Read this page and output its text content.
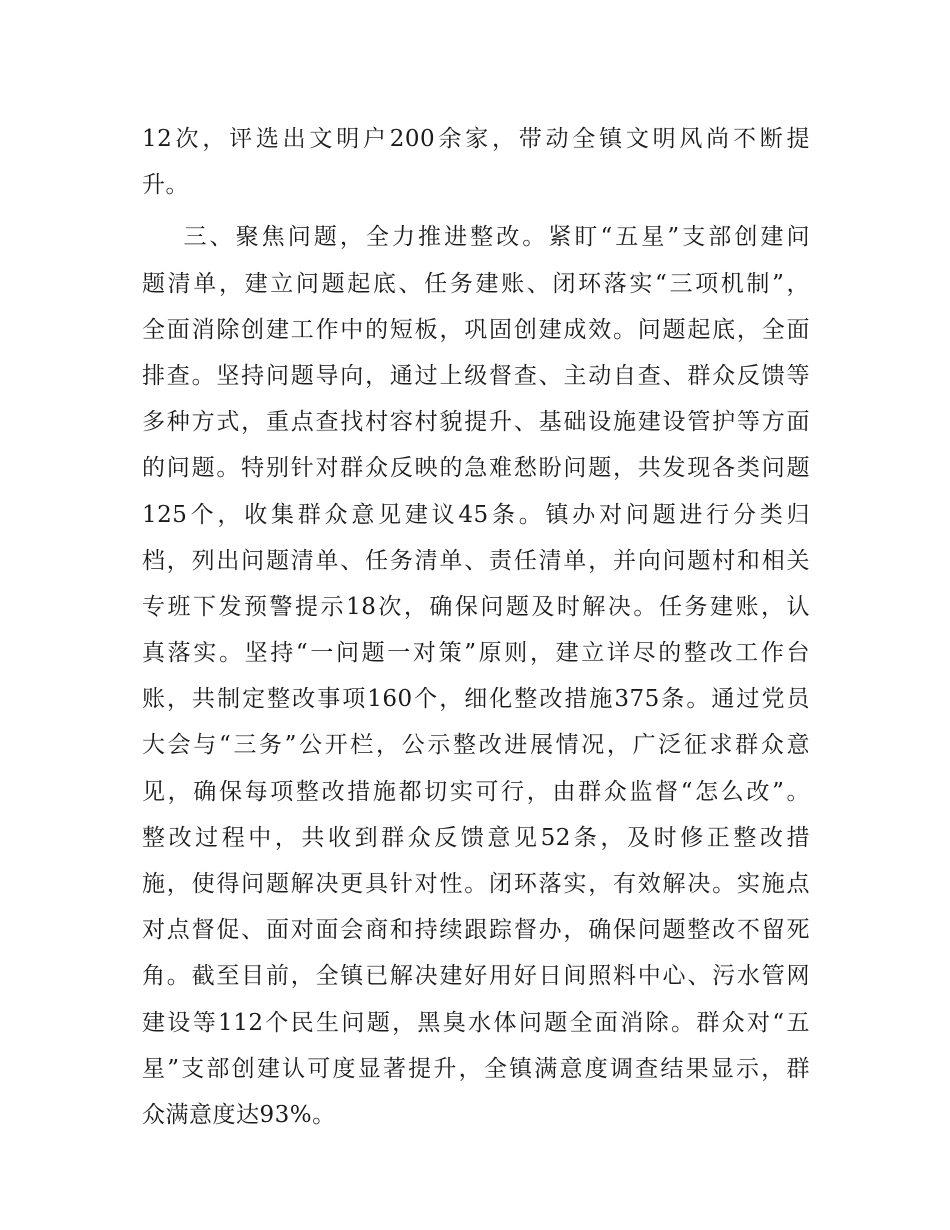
12次，评选出文明户200余家，带动全镇文明风尚不断提
升。
三、聚焦问题，全力推进整改。紧盯“五星”支部创建问
题清单，建立问题起底、任务建账、闭环落实“三项机制”，
全面消除创建工作中的短板，巩固创建成效。问题起底，全面
排查。坚持问题导向，通过上级督查、主动自查、群众反馈等
多种方式，重点查找村容村貌提升、基础设施建设管护等方面
的问题。特别针对群众反映的急难愁盼问题，共发现各类问题
125个，收集群众意见建议45条。镇办对问题进行分类归
档，列出问题清单、任务清单、责任清单，并向问题村和相关
专班下发预警提示18次，确保问题及时解决。任务建账，认
真落实。坚持“一问题一对策”原则，建立详尽的整改工作台
账，共制定整改事项160个，细化整改措施375条。通过党员
大会与“三务”公开栏，公示整改进展情况，广泛征求群众意
见，确保每项整改措施都切实可行，由群众监督“怎么改”。
整改过程中，共收到群众反馈意见52条，及时修正整改措
施，使得问题解决更具针对性。闭环落实，有效解决。实施点
对点督促、面对面会商和持续跟踪督办，确保问题整改不留死
角。截至目前，全镇已解决建好用好日间照料中心、污水管网
建设等112个民生问题，黑臭水体问题全面消除。群众对“五
星”支部创建认可度显著提升，全镇满意度调查结果显示，群
众满意度达93%。
